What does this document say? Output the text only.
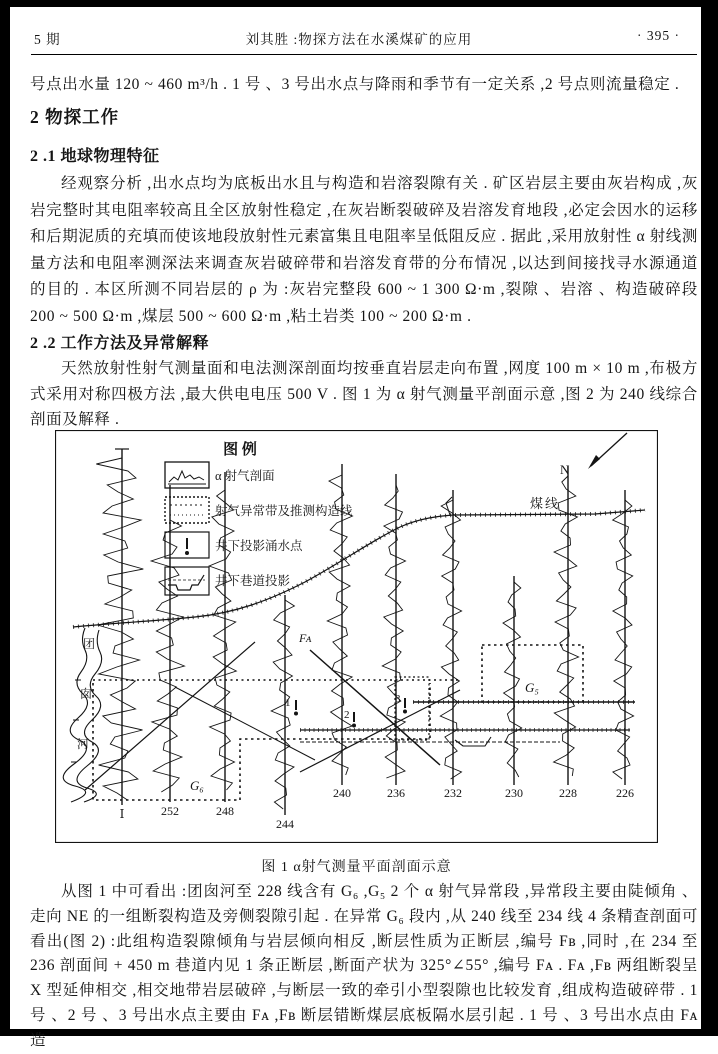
5 期	刘其胜 :物探方法在水溪煤矿的应用	· 395 ·

号点出水量 120 ~ 460 m³/h . 1 号 、3 号出水点与降雨和季节有一定关系 ,2 号点则流量稳定 .

2 物探工作
2 .1 地球物理特征

经观察分析 ,出水点均为底板出水且与构造和岩溶裂隙有关 . 矿区岩层主要由灰岩构成 ,灰岩完整时其电阻率较高且全区放射性稳定 ,在灰岩断裂破碎及岩溶发育地段 ,必定会因水的运移和后期泥质的充填而使该地段放射性元素富集且电阻率呈低阻反应 . 据此 ,采用放射性 α 射线测量方法和电阻率测深法来调查灰岩破碎带和岩溶发育带的分布情况 ,以达到间接找寻水源通道的目的 . 本区所测不同岩层的 ρ 为 :灰岩完整段 600 ~ 1 300 Ω·m ,裂隙 、岩溶 、构造破碎段 200 ~ 500 Ω·m ,煤层 500 ~ 600 Ω·m ,粘土岩类 100 ~ 200 Ω·m .

2 .2 工作方法及异常解释

天然放射性射气测量面和电法测深剖面均按垂直岩层走向布置 ,网度 100 m × 10 m ,布极方式采用对称四极方法 ,最大供电电压 500 V . 图 1 为 α 射气测量平剖面示意 ,图 2 为 240 线综合剖面及解释 .

图 例
α 射气剖面
射气异常带及推测构造线
井下投影涌水点
井下巷道投影
N
煤线
团囱河
G₆
G₅
Fᴀ
1
2
3
Ⅰ	252	248
244
240	236	232	230	228	226
图 1 α射气测量平面剖面示意

从图 1 中可看出 :团囱河至 228 线含有 G₆ ,G₅ 2 个 α 射气异常段 ,异常段主要由陡倾角 、走向 NE 的一组断裂构造及旁侧裂隙引起 . 在异常 G₆ 段内 ,从 240 线至 234 线 4 条精查剖面可看出(图 2) :此组构造裂隙倾角与岩层倾向相反 ,断层性质为正断层 ,编号 Fʙ ,同时 ,在 234 至 236 剖面间 + 450 m 巷道内见 1 条正断层 ,断面产状为 325°∠55° ,编号 Fᴀ . Fᴀ ,Fʙ 两组断裂呈 X 型延伸相交 ,相交地带岩层破碎 ,与断层一致的牵引小型裂隙也比较发育 ,组成构造破碎带 . 1 号 、2 号 、3 号出水点主要由 Fᴀ ,Fʙ 断层错断煤层底板隔水层引起 . 1 号 、3 号出水点由 Fᴀ 造
